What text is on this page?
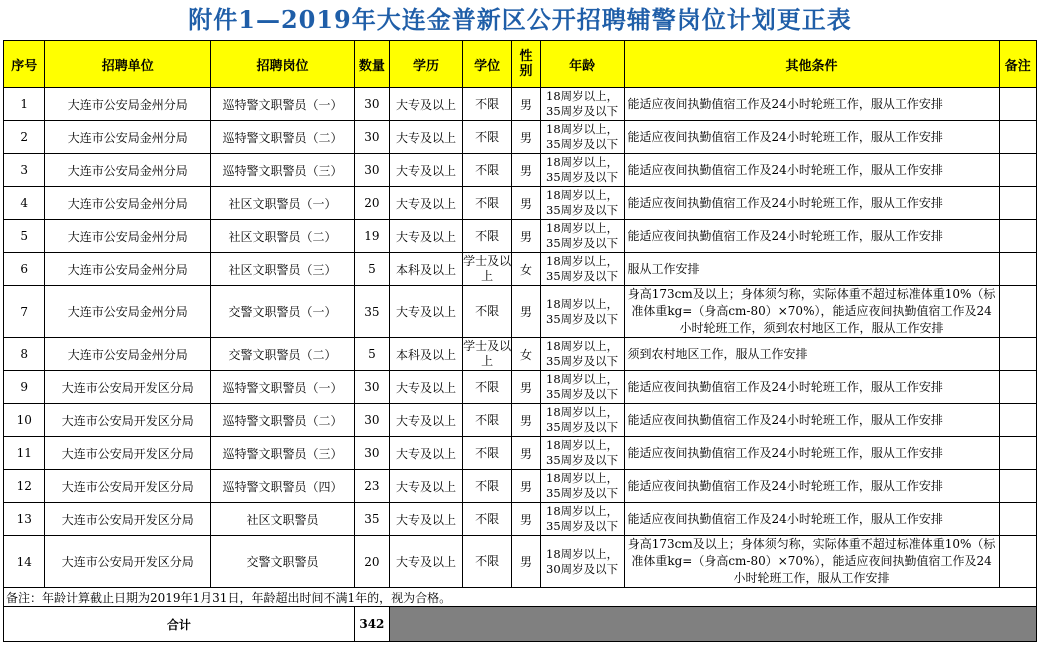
附件1—2019年大连金普新区公开招聘辅警岗位计划更正表
序号	招聘单位	招聘岗位	数量	学历	学位	性别	年龄	其他条件	备注
1	大连市公安局金州分局	巡特警文职警员（一）	30	大专及以上	不限	男	18周岁以上，35周岁及以下	能适应夜间执勤值宿工作及24小时轮班工作，服从工作安排	

2	大连市公安局金州分局	巡特警文职警员（二）	30	大专及以上	不限	男	18周岁以上，35周岁及以下	能适应夜间执勤值宿工作及24小时轮班工作，服从工作安排	

3	大连市公安局金州分局	巡特警文职警员（三）	30	大专及以上	不限	男	18周岁以上，35周岁及以下	能适应夜间执勤值宿工作及24小时轮班工作，服从工作安排	

4	大连市公安局金州分局	社区文职警员（一）	20	大专及以上	不限	男	18周岁以上，35周岁及以下	能适应夜间执勤值宿工作及24小时轮班工作，服从工作安排	

5	大连市公安局金州分局	社区文职警员（二）	19	大专及以上	不限	男	18周岁以上，35周岁及以下	能适应夜间执勤值宿工作及24小时轮班工作，服从工作安排	

6	大连市公安局金州分局	社区文职警员（三）	5	本科及以上	学士及以上	女	18周岁以上，35周岁及以下	服从工作安排	

7	大连市公安局金州分局	交警文职警员（一）	35	大专及以上	不限	男	18周岁以上，35周岁及以下	身高173cm及以上；身体须匀称，实际体重不超过标准体重10%（标准体重kg=（身高cm-80）×70%），能适应夜间执勤值宿工作及24小时轮班工作，须到农村地区工作，服从工作安排	

8	大连市公安局金州分局	交警文职警员（二）	5	本科及以上	学士及以上	女	18周岁以上，35周岁及以下	须到农村地区工作，服从工作安排	

9	大连市公安局开发区分局	巡特警文职警员（一）	30	大专及以上	不限	男	18周岁以上，35周岁及以下	能适应夜间执勤值宿工作及24小时轮班工作，服从工作安排	

10	大连市公安局开发区分局	巡特警文职警员（二）	30	大专及以上	不限	男	18周岁以上，35周岁及以下	能适应夜间执勤值宿工作及24小时轮班工作，服从工作安排	

11	大连市公安局开发区分局	巡特警文职警员（三）	30	大专及以上	不限	男	18周岁以上，35周岁及以下	能适应夜间执勤值宿工作及24小时轮班工作，服从工作安排	

12	大连市公安局开发区分局	巡特警文职警员（四）	23	大专及以上	不限	男	18周岁以上，35周岁及以下	能适应夜间执勤值宿工作及24小时轮班工作，服从工作安排	

13	大连市公安局开发区分局	社区文职警员	35	大专及以上	不限	男	18周岁以上，35周岁及以下	能适应夜间执勤值宿工作及24小时轮班工作，服从工作安排	

14	大连市公安局开发区分局	交警文职警员	20	大专及以上	不限	男	18周岁以上，30周岁及以下	身高173cm及以上；身体须匀称，实际体重不超过标准体重10%（标准体重kg=（身高cm-80）×70%），能适应夜间执勤值宿工作及24小时轮班工作，服从工作安排	

备注：年龄计算截止日期为2019年1月31日，年龄超出时间不满1年的，视为合格。									
合计			342						
